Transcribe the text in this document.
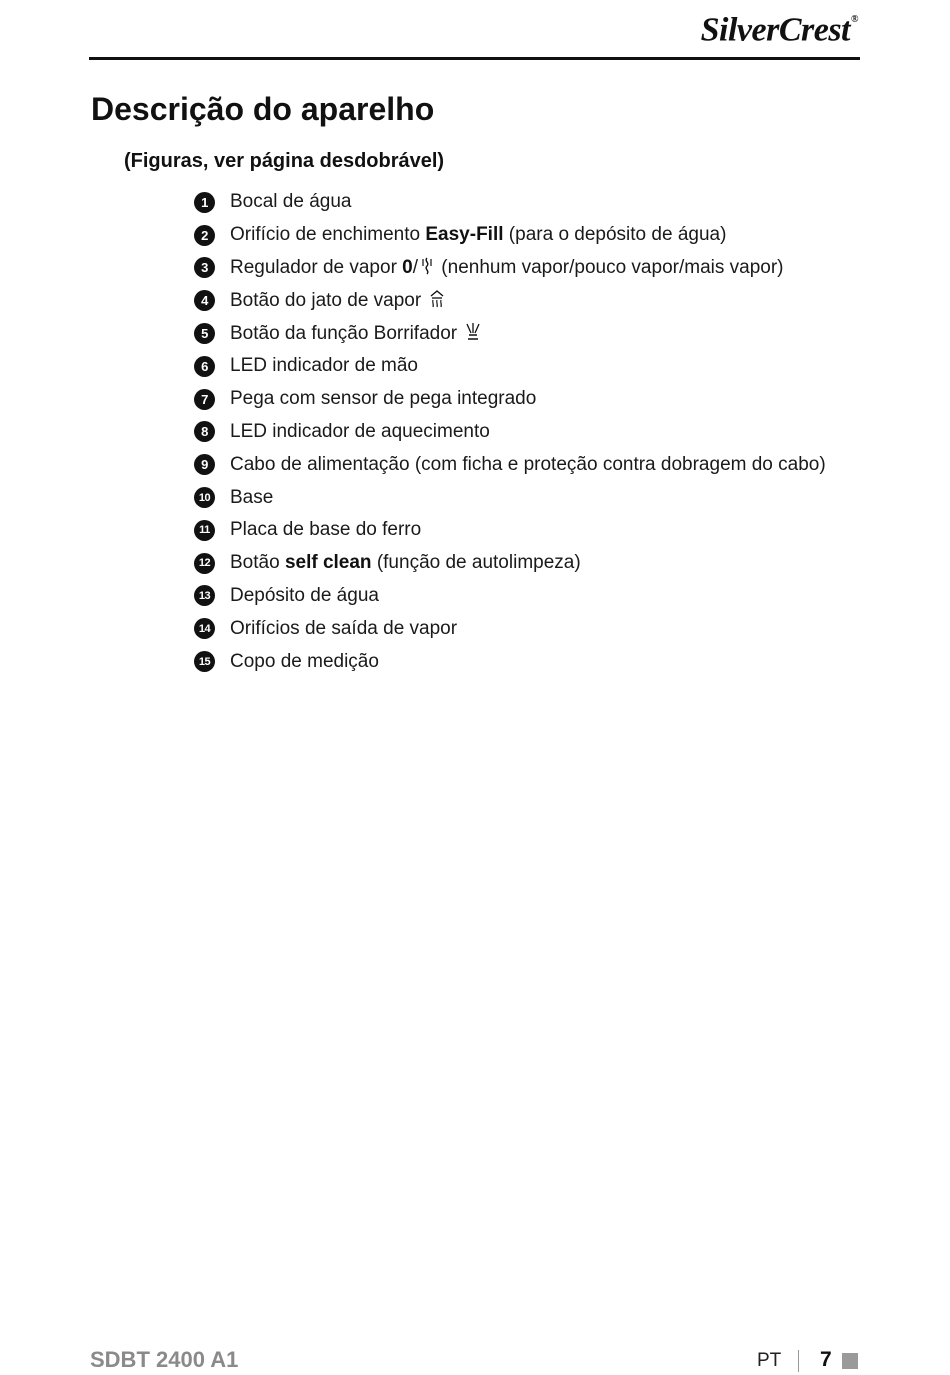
SilverCrest®
Descrição do aparelho
(Figuras, ver página desdobrável)
1	Bocal de água
2	Orifício de enchimento Easy-Fill (para o depósito de água)
3	Regulador de vapor 0/ (nenhum vapor/pouco vapor/mais vapor)
4	Botão do jato de vapor
5	Botão da função Borrifador
6	LED indicador de mão
7	Pega com sensor de pega integrado
8	LED indicador de aquecimento
9	Cabo de alimentação (com ficha e proteção contra dobragem do cabo)
10 Base
11 Placa de base do ferro
12 Botão self clean (função de autolimpeza)
13 Depósito de água
14 Orifícios de saída de vapor
15 Copo de medição
SDBT 2400 A1	PT 7
